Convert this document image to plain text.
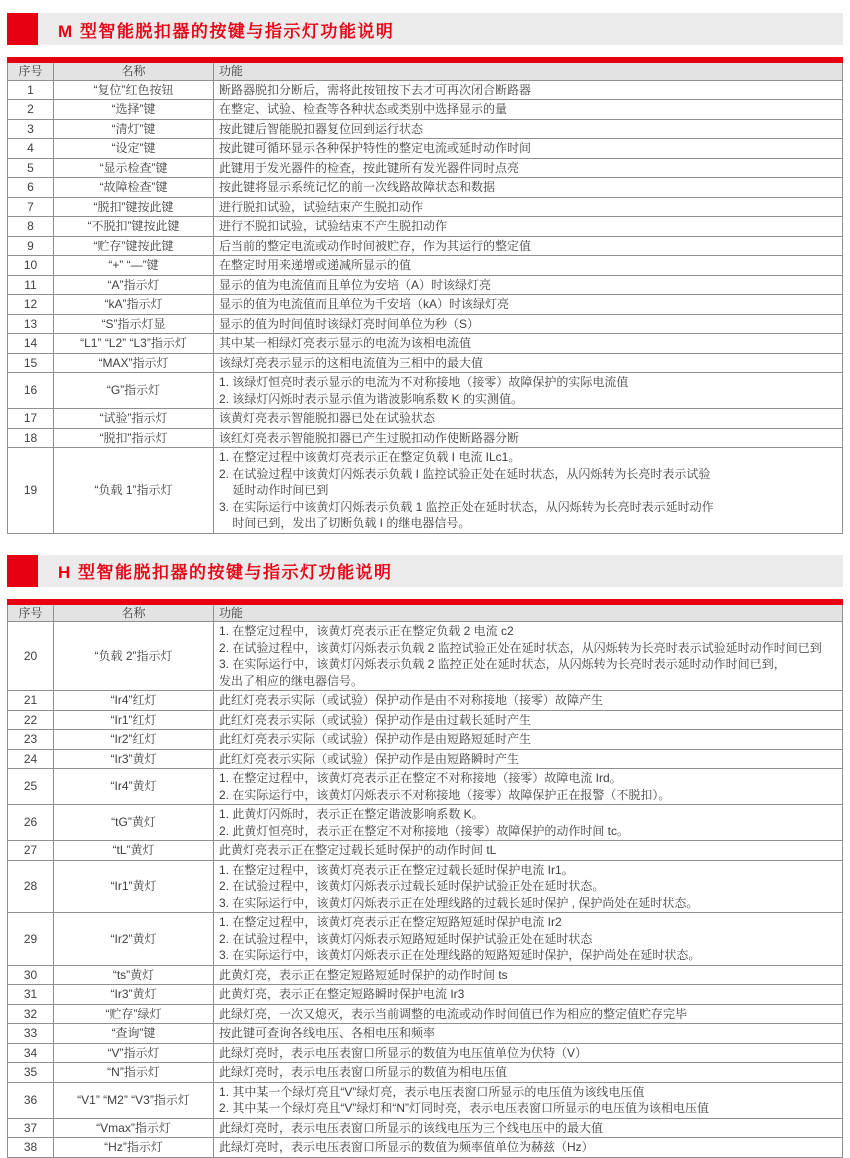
M 型智能脱扣器的按键与指示灯功能说明
序号	名称	功能
1	“复位”红色按钮	断路器脱扣分断后，需将此按钮按下去才可再次闭合断路器

2	“选择”键	在整定、试验、检查等各种状态或类别中选择显示的量

3	“清灯”键	按此键后智能脱扣器复位回到运行状态

4	“设定”键	按此键可循环显示各种保护特性的整定电流或延时动作时间

5	“显示检查”键	此键用于发光器件的检查，按此键所有发光器件同时点亮

6	“故障检查”键	按此键将显示系统记忆的前一次线路故障状态和数据

7	“脱扣”键按此键	进行脱扣试验，试验结束产生脱扣动作

8	“不脱扣”键按此键	进行不脱扣试验，试验结束不产生脱扣动作

9	“贮存”键按此键	后当前的整定电流或动作时间被贮存，作为其运行的整定值

10	“+” “—”键	在整定时用来递增或递减所显示的值

11	“A”指示灯	显示的值为电流值而且单位为安培（A）时该绿灯亮

12	“kA”指示灯	显示的值为电流值而且单位为千安培（kA）时该绿灯亮

13	“S”指示灯显	显示的值为时间值时该绿灯亮时间单位为秒（S）

14	“L1” “L2” “L3”指示灯	其中某一相绿灯亮表示显示的电流为该相电流值

15	“MAX”指示灯	该绿灯亮表示显示的这相电流值为三相中的最大值

16	“G”指示灯	1. 该绿灯恒亮时表示显示的电流为不对称接地（接零）故障保护的实际电流值
2. 该绿灯闪烁时表示显示值为谐波影响系数 K 的实测值。

17	“试验”指示灯	该黄灯亮表示智能脱扣器已处在试验状态

18	“脱扣”指示灯	该红灯亮表示智能脱扣器已产生过脱扣动作使断路器分断

19	“负载 1”指示灯	1. 在整定过程中该黄灯亮表示正在整定负载 I 电流 ILc1。
2. 在试验过程中该黄灯闪烁表示负载 I 监控试验正处在延时状态，从闪烁转为长亮时表示试验
延时动作时间已到
3. 在实际运行中该黄灯闪烁表示负载 1 监控正处在延时状态，从闪烁转为长亮时表示延时动作
时间已到，发出了切断负载 I 的继电器信号。
H 型智能脱扣器的按键与指示灯功能说明
序号	名称	功能
20	“负载 2”指示灯	1. 在整定过程中，该黄灯亮表示正在整定负载 2 电流 c2
2. 在试验过程中，该黄灯闪烁表示负载 2 监控试验正处在延时状态，从闪烁转为长亮时表示试验延时动作时间已到
3. 在实际运行中，该黄灯闪烁表示负载 2 监控正处在延时状态，从闪烁转为长亮时表示延时动作时间已到，
发出了相应的继电器信号。

21	“Ir4”红灯	此红灯亮表示实际（或试验）保护动作是由不对称接地（接零）故障产生

22	“Ir1”红灯	此红灯亮表示实际（或试验）保护动作是由过载长延时产生

23	“Ir2”红灯	此红灯亮表示实际（或试验）保护动作是由短路短延时产生

24	“Ir3”黄灯	此红灯亮表示实际（或试验）保护动作是由短路瞬时产生

25	“Ir4”黄灯	1. 在整定过程中，该黄灯亮表示正在整定不对称接地（接零）故障电流 Ird。
2. 在实际运行中，该黄灯闪烁表示不对称接地（接零）故障保护正在报警（不脱扣）。

26	“tG”黄灯	1. 此黄灯闪烁时，表示正在整定谐波影响系数 K。
2. 此黄灯恒亮时，表示正在整定不对称接地（接零）故障保护的动作时间 tc。

27	“tL”黄灯	此黄灯亮表示正在整定过载长延时保护的动作时间 tL

28	“Ir1”黄灯	1. 在整定过程中，该黄灯亮表示正在整定过载长延时保护电流 Ir1。
2. 在试验过程中，该黄灯闪烁表示过载长延时保护试验正处在延时状态。
3. 在实际运行中，该黄灯闪烁表示正在处理线路的过载长延时保护 , 保护尚处在延时状态。

29	“Ir2”黄灯	1. 在整定过程中，该黄灯亮表示正在整定短路短延时保护电流 Ir2
2. 在试验过程中，该黄灯闪烁表示短路短延时保护试验正处在延时状态
3. 在实际运行中，该黄灯闪烁表示正在处理线路的短路短延时保护，保护尚处在延时状态。

30	“ts”黄灯	此黄灯亮，表示正在整定短路短延时保护的动作时间 ts

31	“Ir3”黄灯	此黄灯亮，表示正在整定短路瞬时保护电流 Ir3

32	“贮存”绿灯	此绿灯亮，一次又熄灭，表示当前调整的电流或动作时间值已作为相应的整定值贮存完毕

33	“查询”键	按此键可查询各线电压、各相电压和频率

34	“V”指示灯	此绿灯亮时，表示电压表窗口所显示的数值为电压值单位为伏特（V）

35	“N”指示灯	此绿灯亮时，表示电压表窗口所显示的数值为相电压值

36	“V1” “M2” “V3”指示灯	1. 其中某一个绿灯亮且“V”绿灯亮，表示电压表窗口所显示的电压值为该线电压值
2. 其中某一个绿灯亮且“V”绿灯和“N”灯同时亮，表示电压表窗口所显示的电压值为该相电压值

37	“Vmax”指示灯	此绿灯亮时，表示电压表窗口所显示的该线电压为三个线电压中的最大值

38	“Hz”指示灯	此绿灯亮时，表示电压表窗口所显示的数值为频率值单位为赫兹（Hz）
